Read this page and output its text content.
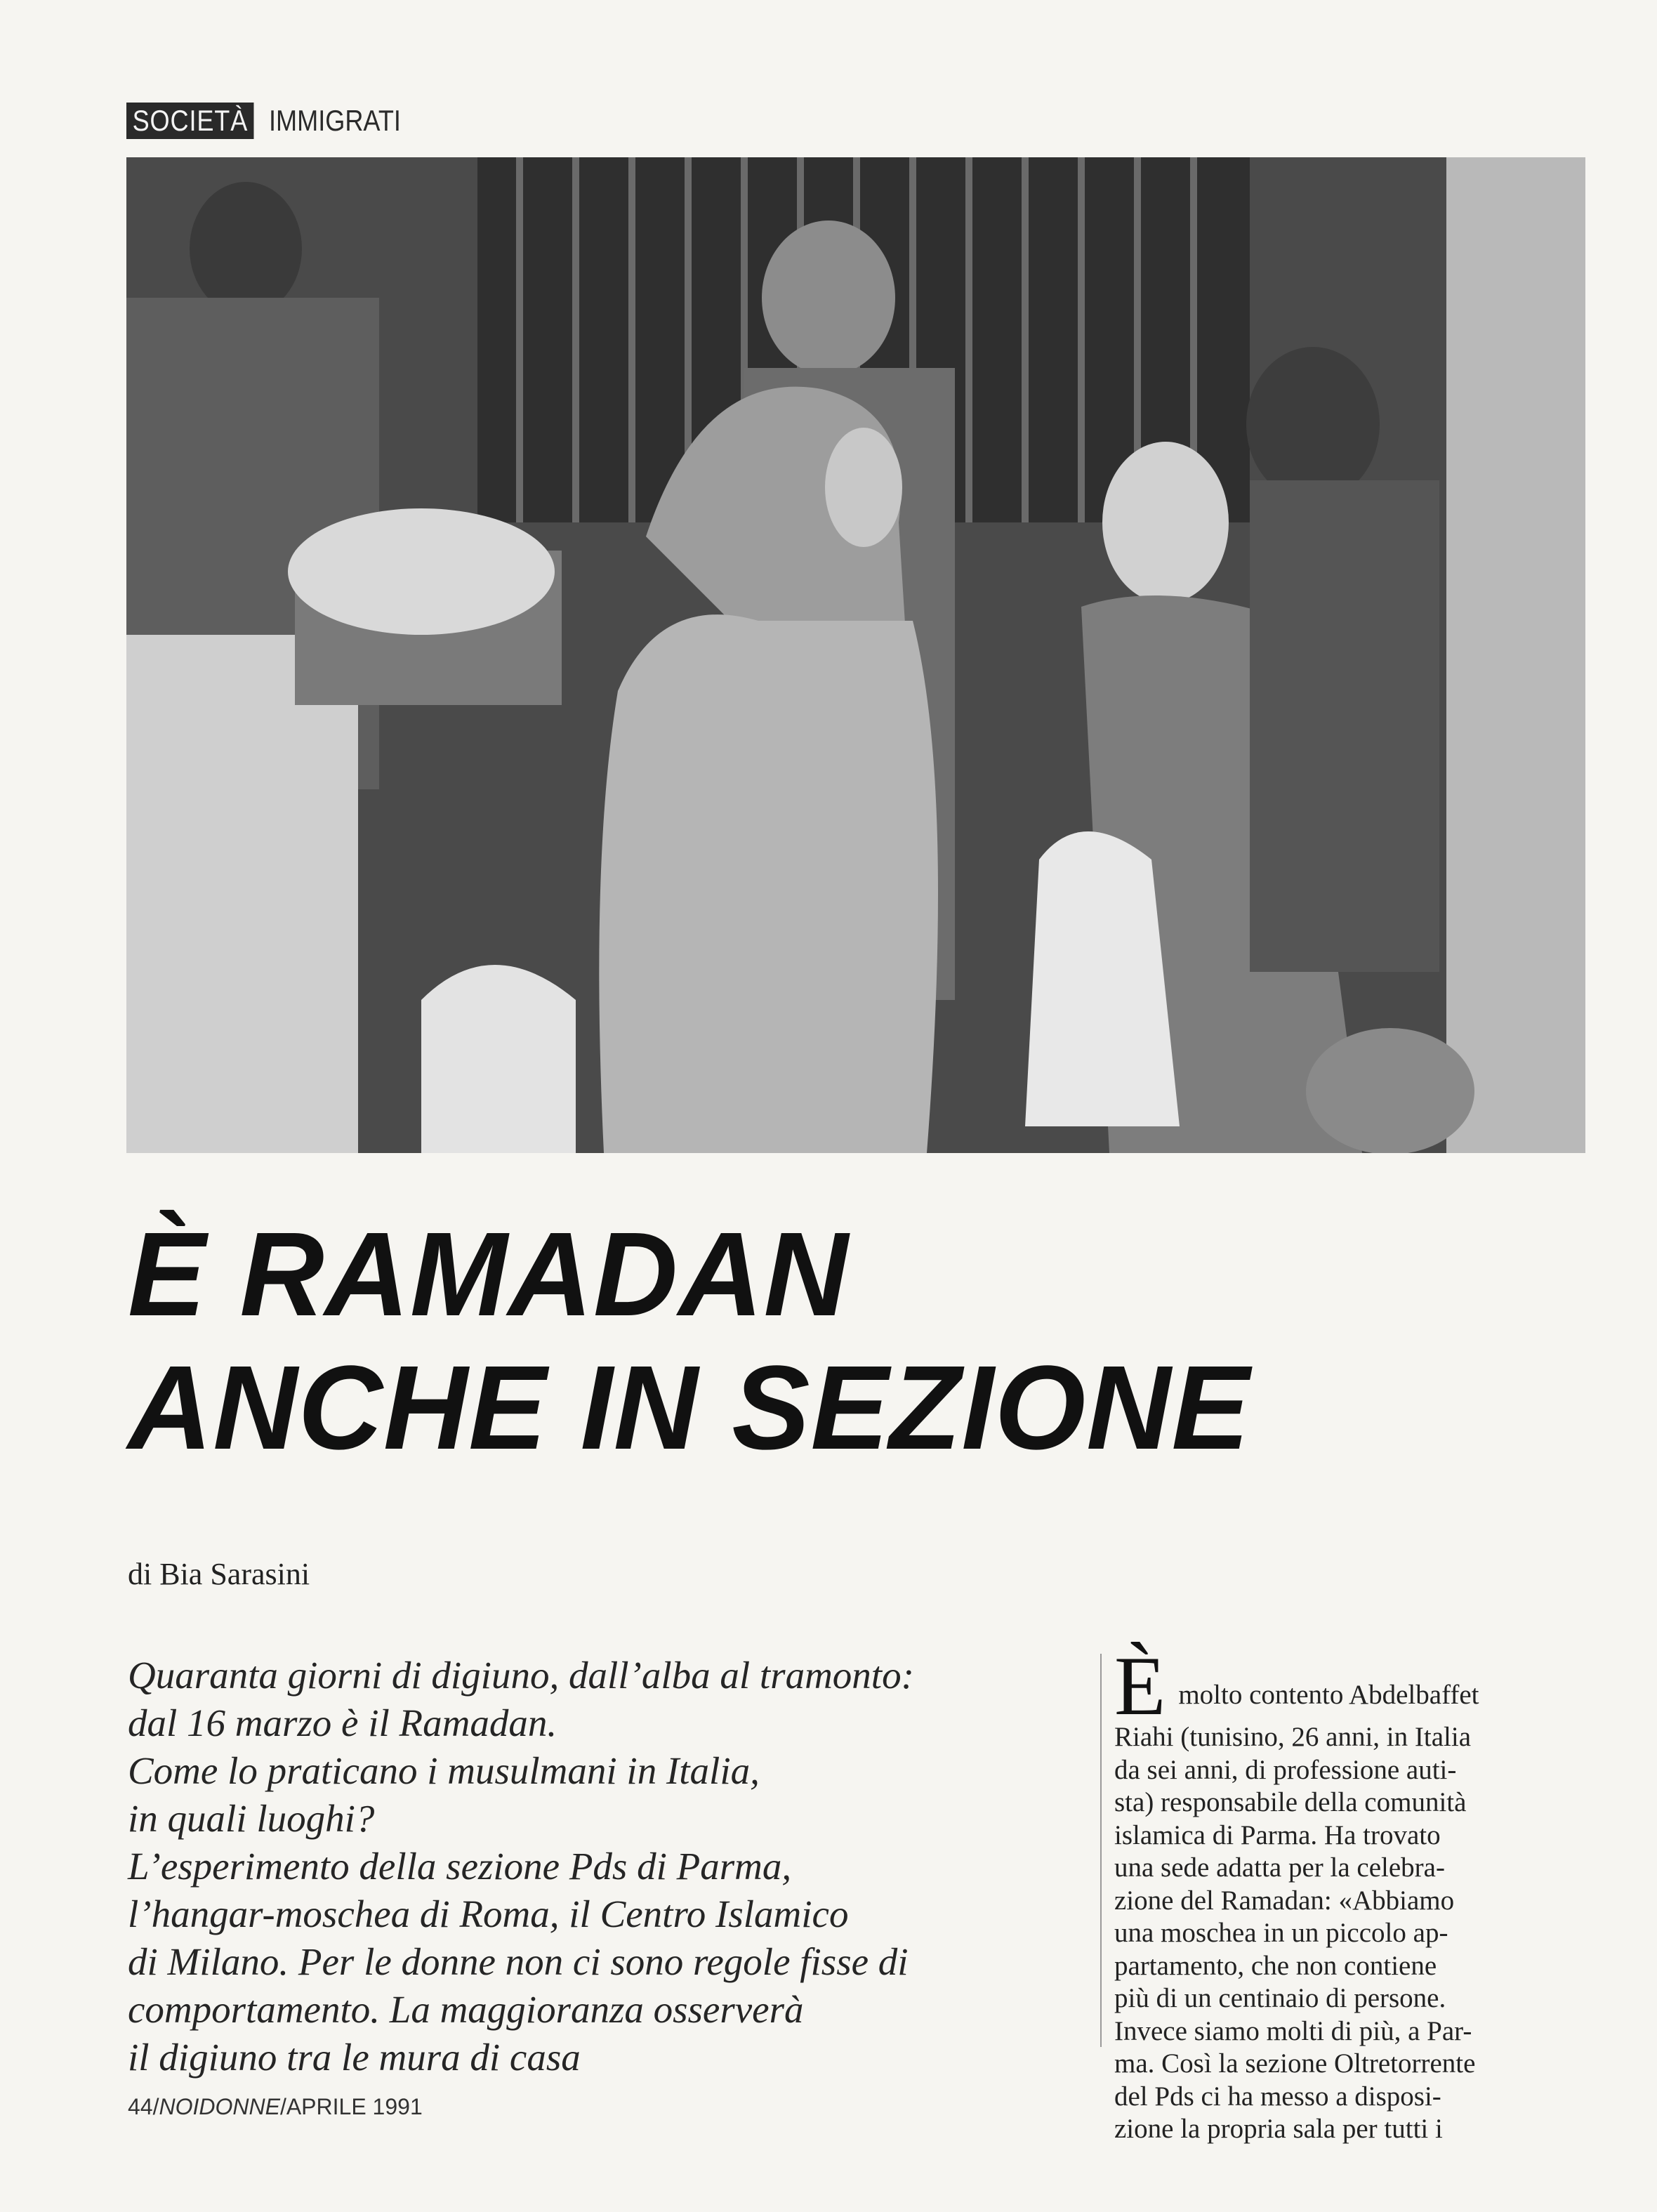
SOCIETÀ IMMIGRATI
È RAMADAN
ANCHE IN SEZIONE
di Bia Sarasini
Quaranta giorni di digiuno, dall’alba al tramonto:
dal 16 marzo è il Ramadan.
Come lo praticano i musulmani in Italia,
in quali luoghi?
L’esperimento della sezione Pds di Parma,
l’hangar-moschea di Roma, il Centro Islamico
di Milano. Per le donne non ci sono regole fisse di
comportamento. La maggioranza osserverà
il digiuno tra le mura di casa
È molto contento Abdelbaffet
Riahi (tunisino, 26 anni, in Italia
da sei anni, di professione auti-
sta) responsabile della comunità
islamica di Parma. Ha trovato
una sede adatta per la celebra-
zione del Ramadan: «Abbiamo
una moschea in un piccolo ap-
partamento, che non contiene
più di un centinaio di persone.
Invece siamo molti di più, a Par-
ma. Così la sezione Oltretorrente
del Pds ci ha messo a disposi-
zione la propria sala per tutti i
44/NOIDONNE/APRILE 1991
